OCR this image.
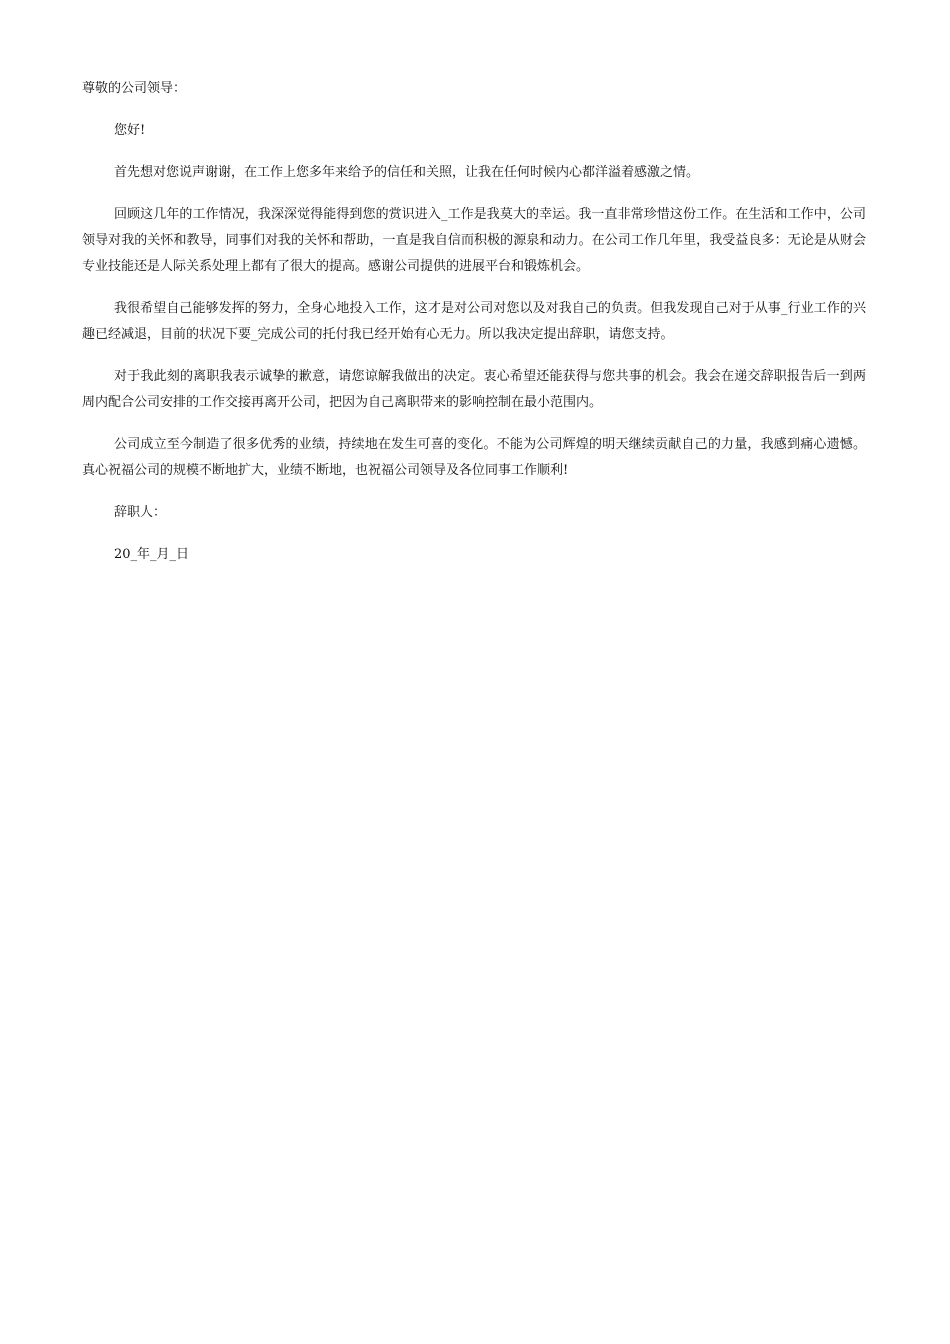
尊敬的公司领导：

您好!

首先想对您说声谢谢，在工作上您多年来给予的信任和关照，让我在任何时候内心都洋溢着感激之情。

回顾这几年的工作情况，我深深觉得能得到您的赏识进入_工作是我莫大的幸运。我一直非常珍惜这份工作。在生活和工作中，公司领导对我的关怀和教导，同事们对我的关怀和帮助，一直是我自信而积极的源泉和动力。在公司工作几年里，我受益良多：无论是从财会专业技能还是人际关系处理上都有了很大的提高。感谢公司提供的进展平台和锻炼机会。

我很希望自己能够发挥的努力，全身心地投入工作，这才是对公司对您以及对我自己的负责。但我发现自己对于从事_行业工作的兴趣已经减退，目前的状况下要_完成公司的托付我已经开始有心无力。所以我决定提出辞职，请您支持。

对于我此刻的离职我表示诚挚的歉意，请您谅解我做出的决定。衷心希望还能获得与您共事的机会。我会在递交辞职报告后一到两周内配合公司安排的工作交接再离开公司，把因为自己离职带来的影响控制在最小范围内。

公司成立至今制造了很多优秀的业绩，持续地在发生可喜的变化。不能为公司辉煌的明天继续贡献自己的力量，我感到痛心遗憾。真心祝福公司的规模不断地扩大，业绩不断地，也祝福公司领导及各位同事工作顺利!

辞职人：

20_年_月_日
